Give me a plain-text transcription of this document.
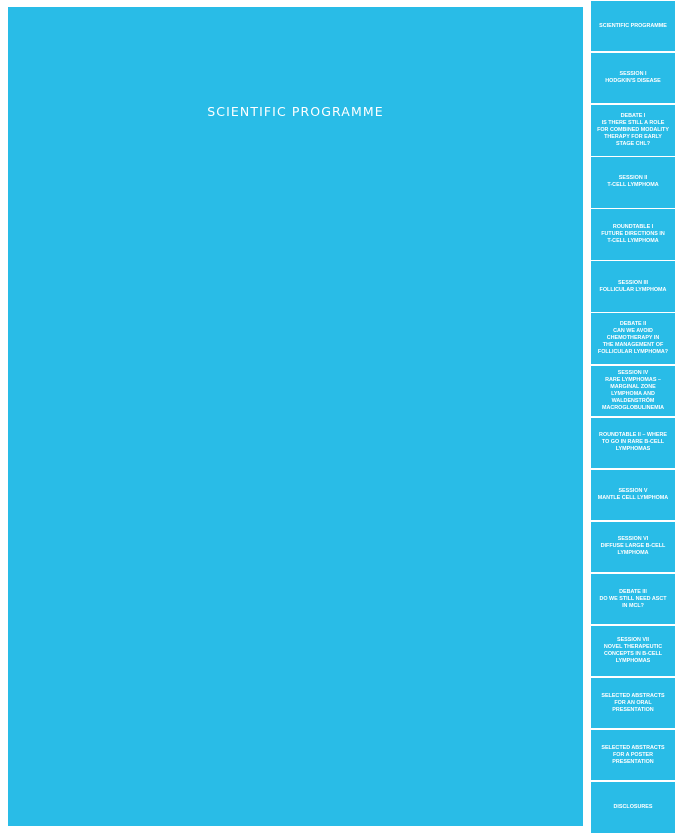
SCIENTIFIC PROGRAMME
SCIENTIFIC PROGRAMME
SESSION I
HODGKIN'S DISEASE
DEBATE I
IS THERE STILL A ROLE
FOR COMBINED MODALITY
THERAPY FOR EARLY
STAGE CHL?
SESSION II
T-CELL LYMPHOMA
ROUNDTABLE I
FUTURE DIRECTIONS IN
T-CELL LYMPHOMA
SESSION III
FOLLICULAR LYMPHOMA
DEBATE II
CAN WE AVOID
CHEMOTHERAPY IN
THE MANAGEMENT OF
FOLLICULAR LYMPHOMA?
SESSION IV
RARE LYMPHOMAS –
MARGINAL ZONE
LYMPHOMA AND
WALDENSTRÖM
MACROGLOBULINEMIA
ROUNDTABLE II – WHERE
TO GO IN RARE B-CELL
LYMPHOMAS
SESSION V
MANTLE CELL LYMPHOMA
SESSION VI
DIFFUSE LARGE B-CELL
LYMPHOMA
DEBATE III
DO WE STILL NEED ASCT
IN MCL?
SESSION VII
NOVEL THERAPEUTIC
CONCEPTS IN B-CELL
LYMPHOMAS
SELECTED ABSTRACTS
FOR AN ORAL
PRESENTATION
SELECTED ABSTRACTS
FOR A POSTER
PRESENTATION
DISCLOSURES
